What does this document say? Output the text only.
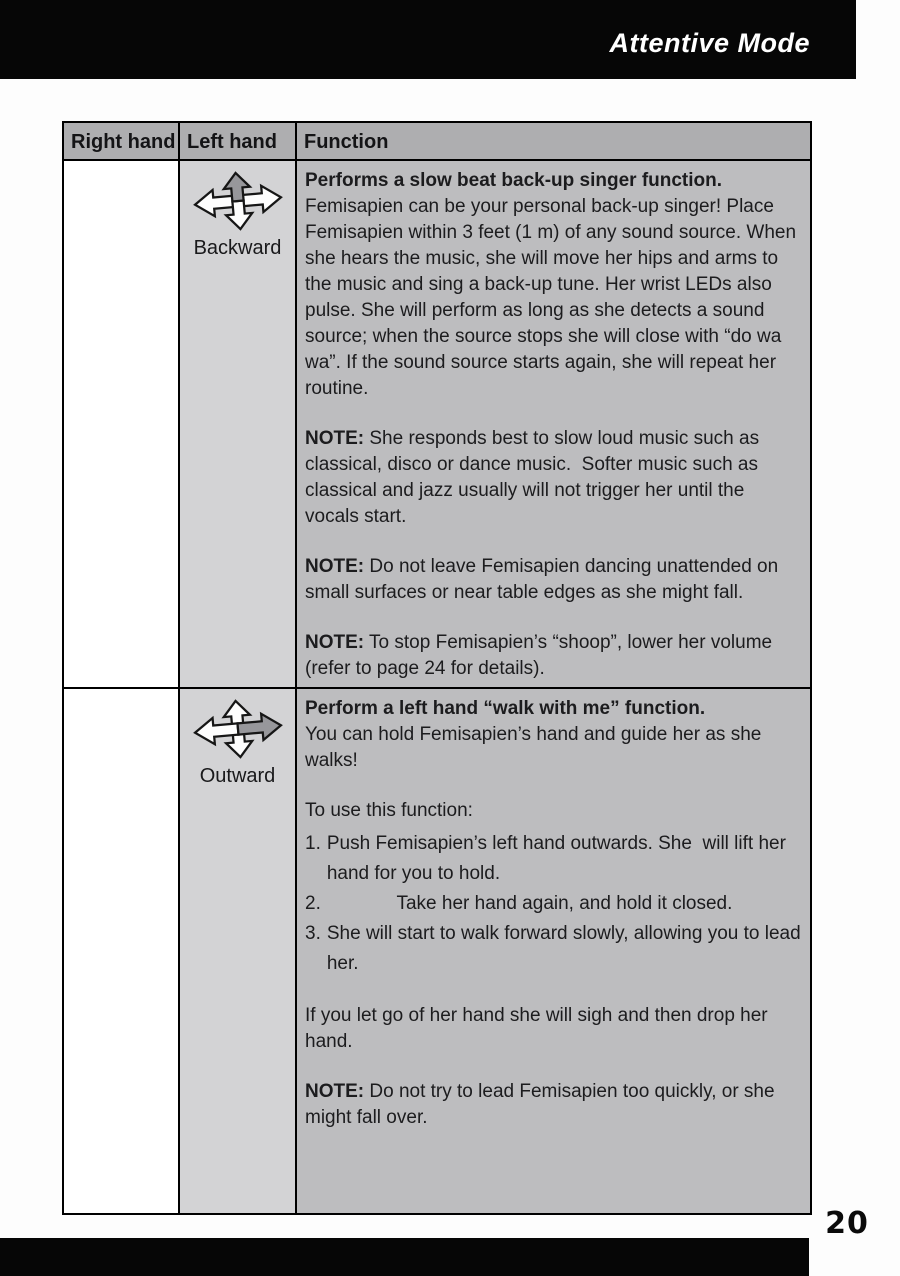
Attentive Mode
Right hand Left hand	Function
Backward
Performs a slow beat back-up singer function.
Femisapien can be your personal back-up singer! Place Femisapien within 3 feet (1 m) of any sound source. When she hears the music, she will move her hips and arms to the music and sing a back-up tune. Her wrist LEDs also pulse. She will perform as long as she detects a sound source; when the source stops she will close with “do wa wa”. If the sound source starts again, she will repeat her routine.
NOTE: She responds best to slow loud music such as classical, disco or dance music.  Softer music such as classical and jazz usually will not trigger her until the vocals start.
NOTE: Do not leave Femisapien dancing unattended on small surfaces or near table edges as she might fall.
NOTE: To stop Femisapien’s “shoop”, lower her volume (refer to page 24 for details).
Outward
Perform a left hand “walk with me” function.
You can hold Femisapien’s hand and guide her as she walks!
To use this function:
1. Push Femisapien’s left hand outwards. She  will lift her hand for you to hold.
2.	Take her hand again, and hold it closed.
3. She will start to walk forward slowly, allowing you to lead her.
If you let go of her hand she will sigh and then drop her hand.
NOTE: Do not try to lead Femisapien too quickly, or she might fall over.
20
